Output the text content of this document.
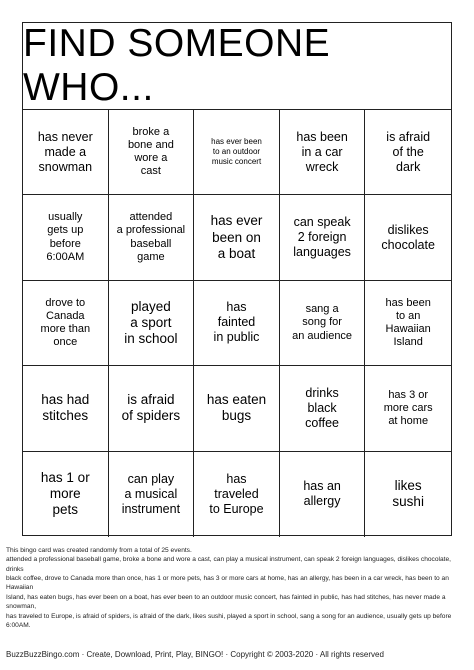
FIND SOMEONE WHO...
has never
made a
snowman
broke a
bone and
wore a
cast
has ever been
to an outdoor
music concert
has been
in a car
wreck
is afraid
of the
dark
usually
gets up
before
6:00AM
attended
a professional
baseball
game
has ever
been on
a boat
can speak
2 foreign
languages
dislikes
chocolate
drove to
Canada
more than
once
played
a sport
in school
has
fainted
in public
sang a
song for
an audience
has been
to an
Hawaiian
Island
has had
stitches
is afraid
of spiders
has eaten
bugs
drinks
black
coffee
has 3 or
more cars
at home
has 1 or
more
pets
can play
a musical
instrument
has
traveled
to Europe
has an
allergy
likes
sushi
This bingo card was created randomly from a total of 25 events.
attended a professional baseball game, broke a bone and wore a cast, can play a musical instrument, can speak 2 foreign languages, dislikes chocolate, drinks
black coffee, drove to Canada more than once, has 1 or more pets, has 3 or more cars at home, has an allergy, has been in a car wreck, has been to an Hawaiian
Island, has eaten bugs, has ever been on a boat, has ever been to an outdoor music concert, has fainted in public, has had stitches, has never made a snowman,
has traveled to Europe, is afraid of spiders, is afraid of the dark, likes sushi, played a sport in school, sang a song for an audience, usually gets up before 6:00AM.
BuzzBuzzBingo.com · Create, Download, Print, Play, BINGO! · Copyright © 2003-2020 · All rights reserved
